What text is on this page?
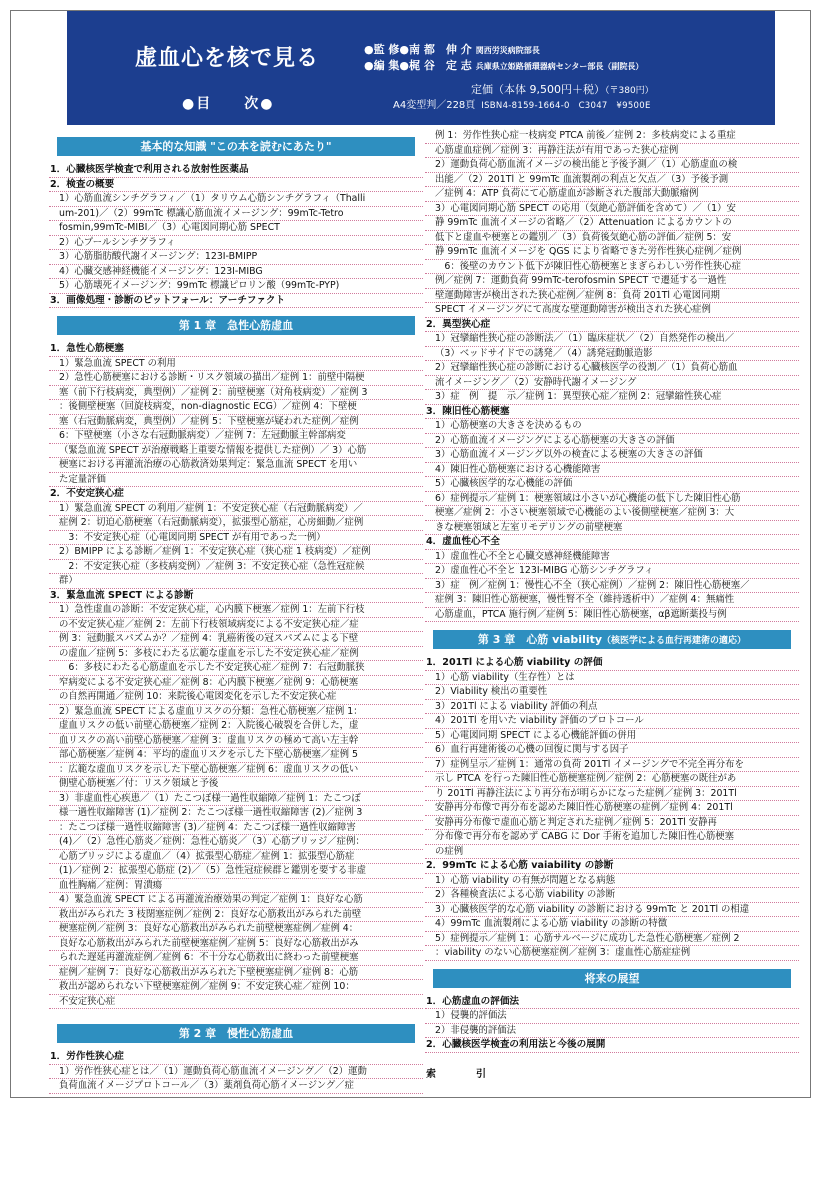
虚血心を核で見る
●目　　次●
●監 修●南 都　伸 介 関西労災病院部長
●編 集●梶 谷　定 志 兵庫県立姫路循環器病センター部長（副院長）
定価（本体 9,500円＋税）（〒380円）
A4変型判／228頁 ISBN4-8159-1664-0　C3047　¥9500E
基本的な知識 "この本を読むにあたり"
1．心臓核医学検査で利用される放射性医薬品
2．検査の概要
1）心筋血流シンチグラフィ／（1）タリウム心筋シンチグラフィ（Thalli
um-201)／（2）99mTc 標識心筋血流イメージング：99mTc-Tetro
fosmin,99mTc-MIBI／（3）心電図同期心筋 SPECT
2）心プールシンチグラフィ
3）心筋脂肪酸代謝イメージング：123I-BMIPP
4）心臓交感神経機能イメージング：123I-MIBG
5）心筋壊死イメージング：99mTc 標識ピロリン酸（99mTc-PYP)
3．画像処理・診断のピットフォール：アーチファクト
第 1 章　急性心筋虚血
1．急性心筋梗塞
1）緊急血流 SPECT の利用
2）急性心筋梗塞における診断・リスク領域の描出／症例 1：前壁中隔梗
塞（前下行枝病変，典型例）／症例 2：前壁梗塞（対角枝病変）／症例 3
：後側壁梗塞（回旋枝病変，non-diagnostic ECG）／症例 4：下壁梗
塞（右冠動脈病変，典型例）／症例 5：下壁梗塞が疑われた症例／症例
6：下壁梗塞（小さな右冠動脈病変）／症例 7：左冠動脈主幹部病変
（緊急血流 SPECT が治療戦略上重要な情報を提供した症例）／ 3）心筋
梗塞における再灌流治療の心筋救済効果判定：緊急血流 SPECT を用い
た定量評価
2．不安定狭心症
1）緊急血流 SPECT の利用／症例 1：不安定狭心症（右冠動脈病変）／
症例 2：切迫心筋梗塞（右冠動脈病変），拡張型心筋症，心房細動／症例
　3：不安定狭心症（心電図同期 SPECT が有用であった一例）
2）BMIPP による診断／症例 1：不安定狭心症（狭心症 1 枝病変）／症例
　2：不安定狭心症（多枝病変例）／症例 3：不安定狭心症（急性冠症候
群）
3．緊急血流 SPECT による診断
1）急性虚血の診断：不安定狭心症，心内膜下梗塞／症例 1：左前下行枝
の不安定狭心症／症例 2：左前下行枝領域病変による不安定狭心症／症
例 3：冠動脈スパズムか？／症例 4：乳癌術後の冠スパズムによる下壁
の虚血／症例 5：多枝にわたる広範な虚血を示した不安定狭心症／症例
　6：多枝にわたる心筋虚血を示した不安定狭心症／症例 7：右冠動脈狭
窄病変による不安定狭心症／症例 8：心内膜下梗塞／症例 9：心筋梗塞
の自然再開通／症例 10：来院後心電図変化を示した不安定狭心症
2）緊急血流 SPECT による虚血リスクの分類：急性心筋梗塞／症例 1：
虚血リスクの低い前壁心筋梗塞／症例 2：入院後心破裂を合併した，虚
血リスクの高い前壁心筋梗塞／症例 3：虚血リスクの極めて高い左主幹
部心筋梗塞／症例 4：平均的虚血リスクを示した下壁心筋梗塞／症例 5
：広範な虚血リスクを示した下壁心筋梗塞／症例 6：虚血リスクの低い
側壁心筋梗塞／付：リスク領域と予後
3）非虚血性心疾患／（1）たこつぼ様一過性収縮障／症例 1：たこつぼ
様一過性収縮障害 (1)／症例 2：たこつぼ様一過性収縮障害 (2)／症例 3
：たこつぼ様一過性収縮障害 (3)／症例 4：たこつぼ様一過性収縮障害
(4)／（2）急性心筋炎／症例：急性心筋炎／（3）心筋ブリッジ／症例：
心筋ブリッジによる虚血／（4）拡張型心筋症／症例 1：拡張型心筋症
(1)／症例 2：拡張型心筋症 (2)／（5）急性冠症候群と鑑別を要する非虚
血性胸痛／症例：胃潰瘍
4）緊急血流 SPECT による再灌流治療効果の判定／症例 1：良好な心筋
救出がみられた 3 枝閉塞症例／症例 2：良好な心筋救出がみられた前壁
梗塞症例／症例 3：良好な心筋救出がみられた前壁梗塞症例／症例 4：
良好な心筋救出がみられた前壁梗塞症例／症例 5：良好な心筋救出がみ
られた遅延再灌流症例／症例 6：不十分な心筋救出に終わった前壁梗塞
症例／症例 7：良好な心筋救出がみられた下壁梗塞症例／症例 8：心筋
救出が認められない下壁梗塞症例／症例 9：不安定狭心症／症例 10：
不安定狭心症
第 2 章　慢性心筋虚血
1．労作性狭心症
1）労作性狭心症とは／（1）運動負荷心筋血流イメージング／（2）運動
負荷血流イメージプロトコール／（3）薬剤負荷心筋イメージング／症
例 1：労作性狭心症一枝病変 PTCA 前後／症例 2：多枝病変による重症
心筋虚血症例／症例 3：再静注法が有用であった狭心症例
2）運動負荷心筋血流イメージの検出能と予後予測／（1）心筋虚血の検
出能／（2）201Tl と 99mTc 血流製剤の利点と欠点／（3）予後予測
／症例 4：ATP 負荷にて心筋虚血が診断された腹部大動脈瘤例
3）心電図同期心筋 SPECT の応用（気絶心筋評価を含めて）／（1）安
静 99mTc 血流イメージの省略／（2）Attenuation によるカウントの
低下と虚血や梗塞との鑑別／（3）負荷後気絶心筋の評価／症例 5：安
静 99mTc 血流イメージを QGS により省略できた労作性狭心症例／症例
　6：後壁のカウント低下が陳旧性心筋梗塞とまぎらわしい労作性狭心症
例／症例 7：運動負荷 99mTc-terofosmin SPECT で遷延する一過性
壁運動障害が検出された狭心症例／症例 8：負荷 201Tl 心電図同期
SPECT イメージングにて高度な壁運動障害が検出された狭心症例
2．異型狭心症
1）冠攣縮性狭心症の診断法／（1）臨床症状／（2）自然発作の検出／
（3）ベッドサイドでの誘発／（4）誘発冠動脈造影
2）冠攣縮性狭心症の診断における心臓核医学の役割／（1）負荷心筋血
流イメージング／（2）安静時代謝イメージング
3）症　例　提　示／症例 1：異型狭心症／症例 2：冠攣縮性狭心症
3．陳旧性心筋梗塞
1）心筋梗塞の大きさを決めるもの
2）心筋血流イメージングによる心筋梗塞の大きさの評価
3）心筋血流イメージング以外の検査による梗塞の大きさの評価
4）陳旧性心筋梗塞における心機能障害
5）心臓核医学的な心機能の評価
6）症例提示／症例 1：梗塞領域は小さいが心機能の低下した陳旧性心筋
梗塞／症例 2：小さい梗塞領域で心機能のよい後側壁梗塞／症例 3：大
きな梗塞領域と左室リモデリングの前壁梗塞
4．虚血性心不全
1）虚血性心不全と心臓交感神経機能障害
2）虚血性心不全と 123I-MIBG 心筋シンチグラフィ
3）症　例／症例 1：慢性心不全（狭心症例）／症例 2：陳旧性心筋梗塞／
症例 3：陳旧性心筋梗塞，慢性腎不全（維持透析中）／症例 4：無痛性
心筋虚血，PTCA 施行例／症例 5：陳旧性心筋梗塞，αβ遮断薬投与例
第 3 章　心筋 viability（核医学による血行再建術の適応）
1．201Tl による心筋 viability の評価
1）心筋 viability（生存性）とは
2）Viability 検出の重要性
3）201Tl による viability 評価の利点
4）201Tl を用いた viability 評価のプロトコール
5）心電図同期 SPECT による心機能評価の併用
6）血行再建術後の心機の回復に関与する因子
7）症例呈示／症例 1：通常の負荷 201Tl イメージングで不完全再分布を
示し PTCA を行った陳旧性心筋梗塞症例／症例 2：心筋梗塞の既往があ
り 201Tl 再静注法により再分布が明らかになった症例／症例 3：201Tl
安静再分布像で再分布を認めた陳旧性心筋梗塞の症例／症例 4：201Tl
安静再分布像で虚血心筋と判定された症例／症例 5：201Tl 安静再
分布像で再分布を認めず CABG に Dor 手術を追加した陳旧性心筋梗塞
の症例
2．99mTc による心筋 vaiability の診断
1）心筋 viability の有無が問題となる病態
2）各種検査法による心筋 viability の診断
3）心臓核医学的な心筋 viability の診断における 99mTc と 201Tl の相違
4）99mTc 血流製剤による心筋 viability の診断の特徴
5）症例提示／症例 1：心筋サルベージに成功した急性心筋梗塞／症例 2
：viability のない心筋梗塞症例／症例 3：虚血性心筋症症例
将来の展望
1．心筋虚血の評価法
1）侵襲的評価法
2）非侵襲的評価法
2．心臓核医学検査の利用法と今後の展開
索引
